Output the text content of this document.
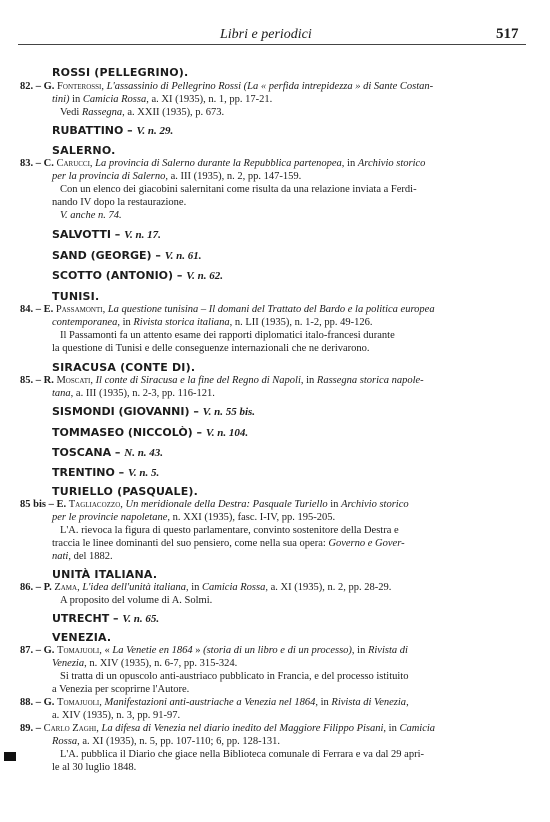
Libri e periodici	517
ROSSI (PELLEGRINO).
82. – G. Fonterossi, L'assassinio di Pellegrino Rossi (La « perfida intrepidezza » di Sante Costan-
tini) in Camicia Rossa, a. XI (1935), n. 1, pp. 17-21.
Vedi Rassegna, a. XXII (1935), p. 673.
RUBATTINO – V. n. 29.
SALERNO.
83. – C. Carucci, La provincia di Salerno durante la Repubblica partenopea, in Archivio storico
per la provincia di Salerno, a. III (1935), n. 2, pp. 147-159.
Con un elenco dei giacobini salernitani come risulta da una relazione inviata a Ferdi-
nando IV dopo la restaurazione.
V. anche n. 74.
SALVOTTI – V. n. 17.
SAND (GEORGE) – V. n. 61.
SCOTTO (ANTONIO) – V. n. 62.
TUNISI.
84. – E. Passamonti, La questione tunisina – Il domani del Trattato del Bardo e la politica europea
contemporanea, in Rivista storica italiana, n. LII (1935), n. 1-2, pp. 49-126.
Il Passamonti fa un attento esame dei rapporti diplomatici italo-francesi durante
la questione di Tunisi e delle conseguenze internazionali che ne derivarono.
SIRACUSA (CONTE DI).
85. – R. Moscati, Il conte di Siracusa e la fine del Regno di Napoli, in Rassegna storica napole-
tana, a. III (1935), n. 2-3, pp. 116-121.
SISMONDI (GIOVANNI) – V. n. 55 bis.
TOMMASEO (NICCOLÒ) – V. n. 104.
TOSCANA – N. n. 43.
TRENTINO – V. n. 5.
TURIELLO (PASQUALE).
85 bis – E. Tagliacozzo, Un meridionale della Destra: Pasquale Turiello in Archivio storico
per le provincie napoletane, n. XXI (1935), fasc. I-IV, pp. 195-205.
L'A. rievoca la figura di questo parlamentare, convinto sostenitore della Destra e
traccia le linee dominanti del suo pensiero, come nella sua opera: Governo e Gover-
nati, del 1882.
UNITÀ ITALIANA.
86. – P. Zama, L'idea dell'unità italiana, in Camicia Rossa, a. XI (1935), n. 2, pp. 28-29.
A proposito del volume di A. Solmi.
UTRECHT – V. n. 65.
VENEZIA.
87. – G. Tomajuoli, « La Venetie en 1864 » (storia di un libro e di un processo), in Rivista di
Venezia, n. XIV (1935), n. 6-7, pp. 315-324.
Si tratta di un opuscolo anti-austriaco pubblicato in Francia, e del processo istituito
a Venezia per scoprirne l'Autore.
88. – G. Tomajuoli, Manifestazioni anti-austriache a Venezia nel 1864, in Rivista di Venezia,
a. XIV (1935), n. 3, pp. 91-97.
89. – Carlo Zaghi, La difesa di Venezia nel diario inedito del Maggiore Filippo Pisani, in Camicia
Rossa, a. XI (1935), n. 5, pp. 107-110; 6, pp. 128-131.
L'A. pubblica il Diario che giace nella Biblioteca comunale di Ferrara e va dal 29 apri-
le al 30 luglio 1848.
